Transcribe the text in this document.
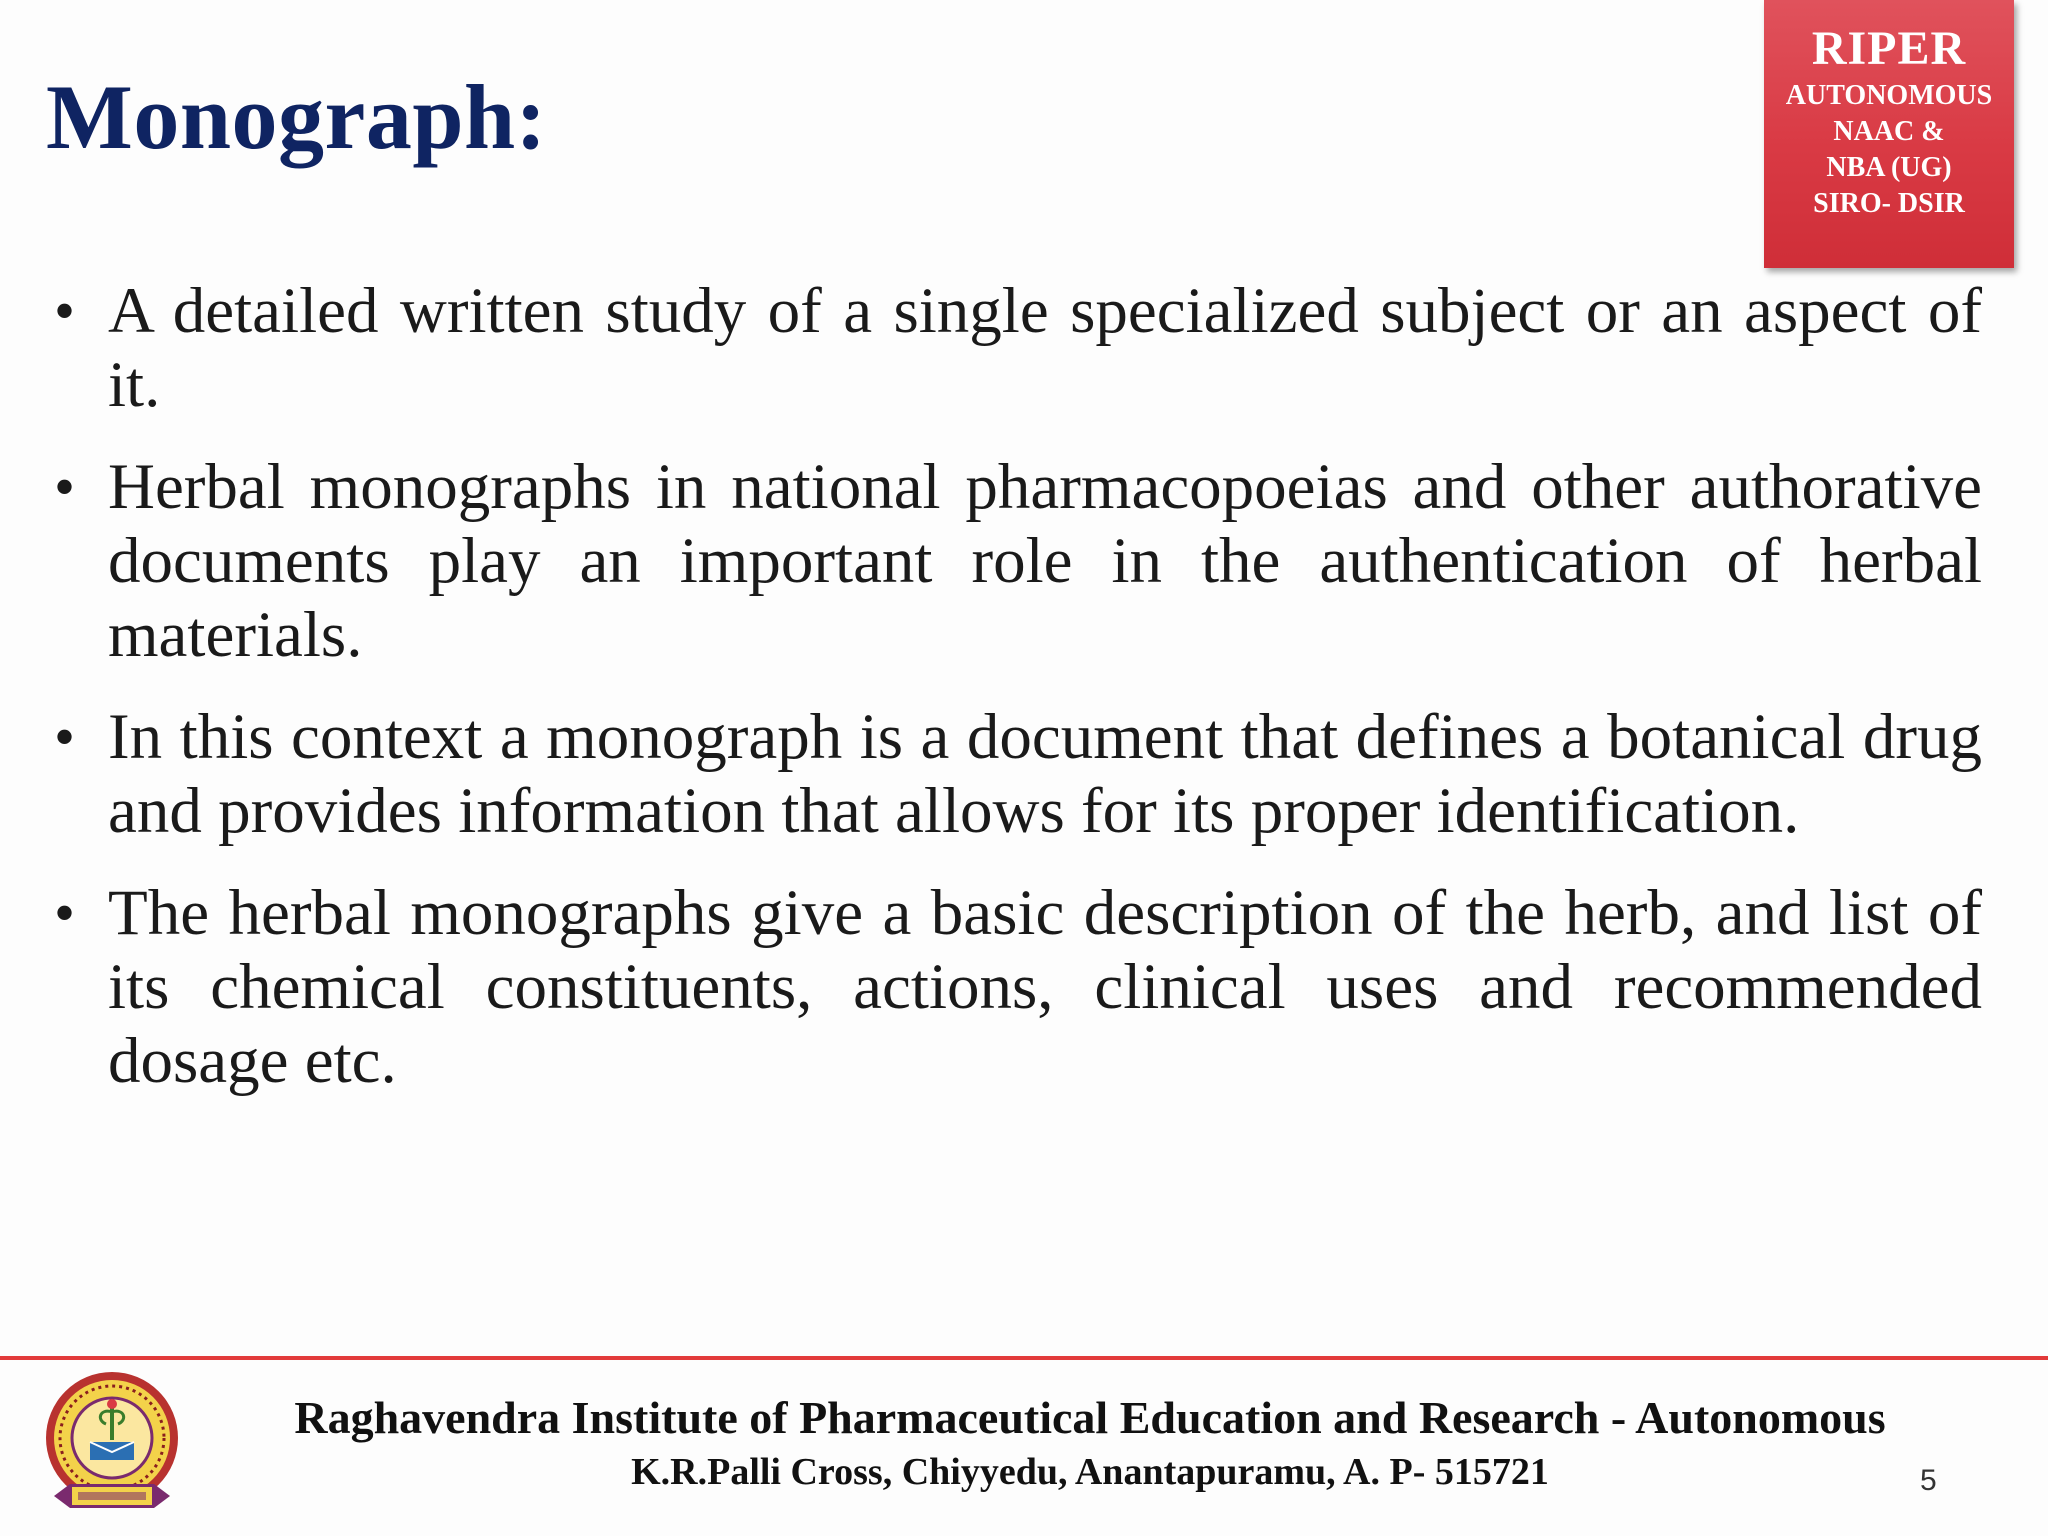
Monograph:
RIPER
AUTONOMOUS
NAAC &
NBA (UG)
SIRO- DSIR
• A detailed written study of a single specialized subject or an aspect of it.
• Herbal monographs in national pharmacopoeias and other authorative documents play an important role in the authentication of herbal materials.
• In this context a monograph is a document that defines a botanical drug and provides information that allows for its proper identification.
• The herbal monographs give a basic description of the herb, and list of its chemical constituents, actions, clinical uses and recommended dosage etc.
Raghavendra Institute of Pharmaceutical Education and Research - Autonomous
K.R.Palli Cross, Chiyyedu, Anantapuramu, A. P- 515721	5
